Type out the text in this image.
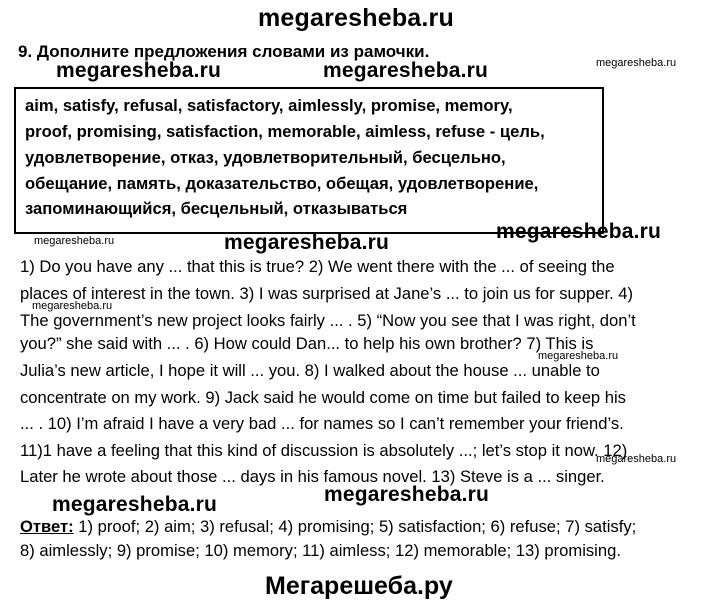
megaresheba.ru
9. Дополните предложения словами из рамочки.
megaresheba.ru
megaresheba.ru	megaresheba.ru
aim, satisfy, refusal, satisfactory, aimlessly, promise, memory,
proof, promising, satisfaction, memorable, aimless, refuse - цель,
удовлетворение, отказ, удовлетворительный, бесцельно,
обещание, память, доказательство, обещая, удовлетворение,
запоминающийся, бесцельный, отказываться
megaresheba.ru	megaresheba.ru	megaresheba.ru
1) Do you have any ... that this is true? 2) We went there with the ... of seeing the
places of interest in the town. 3) I was surprised at Jane’s ... to join us for supper. 4)
The government’s new project looks fairly ... . 5) “Now you see that I was right, don’t
you?” she said with ... . 6) How could Dan... to help his own brother? 7) This is
Julia’s new article, I hope it will ... you. 8) I walked about the house ... unable to
concentrate on my work. 9) Jack said he would come on time but failed to keep his
... . 10) I’m afraid I have a very bad ... for names so I can’t remember your friend’s.
11)1 have a feeling that this kind of discussion is absolutely ...; let’s stop it now. 12)
Later he wrote about those ... days in his famous novel. 13) Steve is a ... singer.
megaresheba.ru
megaresheba.ru
megaresheba.ru
megaresheba.ru	megaresheba.ru
Ответ: 1) proof; 2) aim; 3) refusal; 4) promising; 5) satisfaction; 6) refuse; 7) satisfy;
8) aimlessly; 9) promise; 10) memory; 11) aimless; 12) memorable; 13) promising.
Мегарешеба.ру
